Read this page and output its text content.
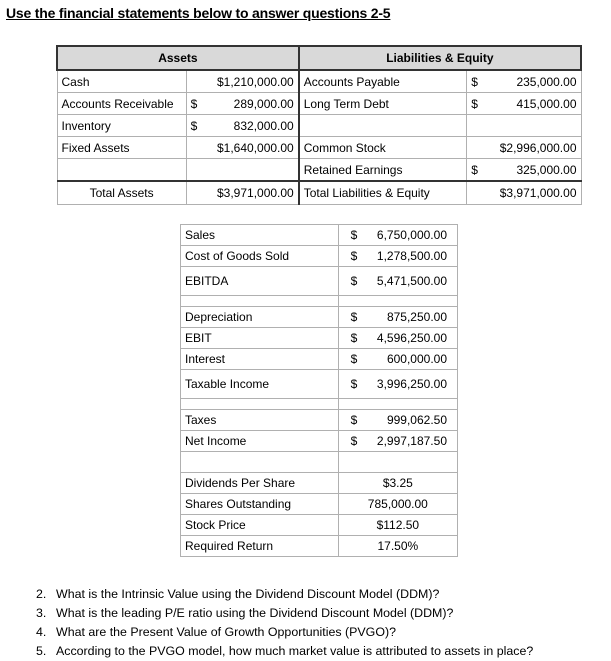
Use the financial statements below to answer questions 2-5
Assets		Liabilities & Equity	
Cash	$1,210,000.00	Accounts Payable	$ 235,000.00

Accounts Receivable	$ 289,000.00	Long Term Debt	$ 415,000.00

Inventory	$ 832,000.00		

Fixed Assets	$1,640,000.00	Common Stock	$2,996,000.00
		Retained Earnings	$ 325,000.00

Total Assets	$3,971,000.00	Total Liabilities & Equity	$3,971,000.00
Sales	$ 6,750,000.00

Cost of Goods Sold	$ 1,278,500.00

EBITDA	$ 5,471,500.00

Depreciation	$ 875,250.00

EBIT	$ 4,596,250.00

Interest	$ 600,000.00

Taxable Income	$ 3,996,250.00

Taxes	$ 999,062.50

Net Income	$ 2,997,187.50

Dividends Per Share	$3.25
Shares Outstanding	785,000.00
Stock Price	$112.50
Required Return	17.50%
2. What is the Intrinsic Value using the Dividend Discount Model (DDM)?
3. What is the leading P/E ratio using the Dividend Discount Model (DDM)?
4. What are the Present Value of Growth Opportunities (PVGO)?
5. According to the PVGO model, how much market value is attributed to assets in place?
